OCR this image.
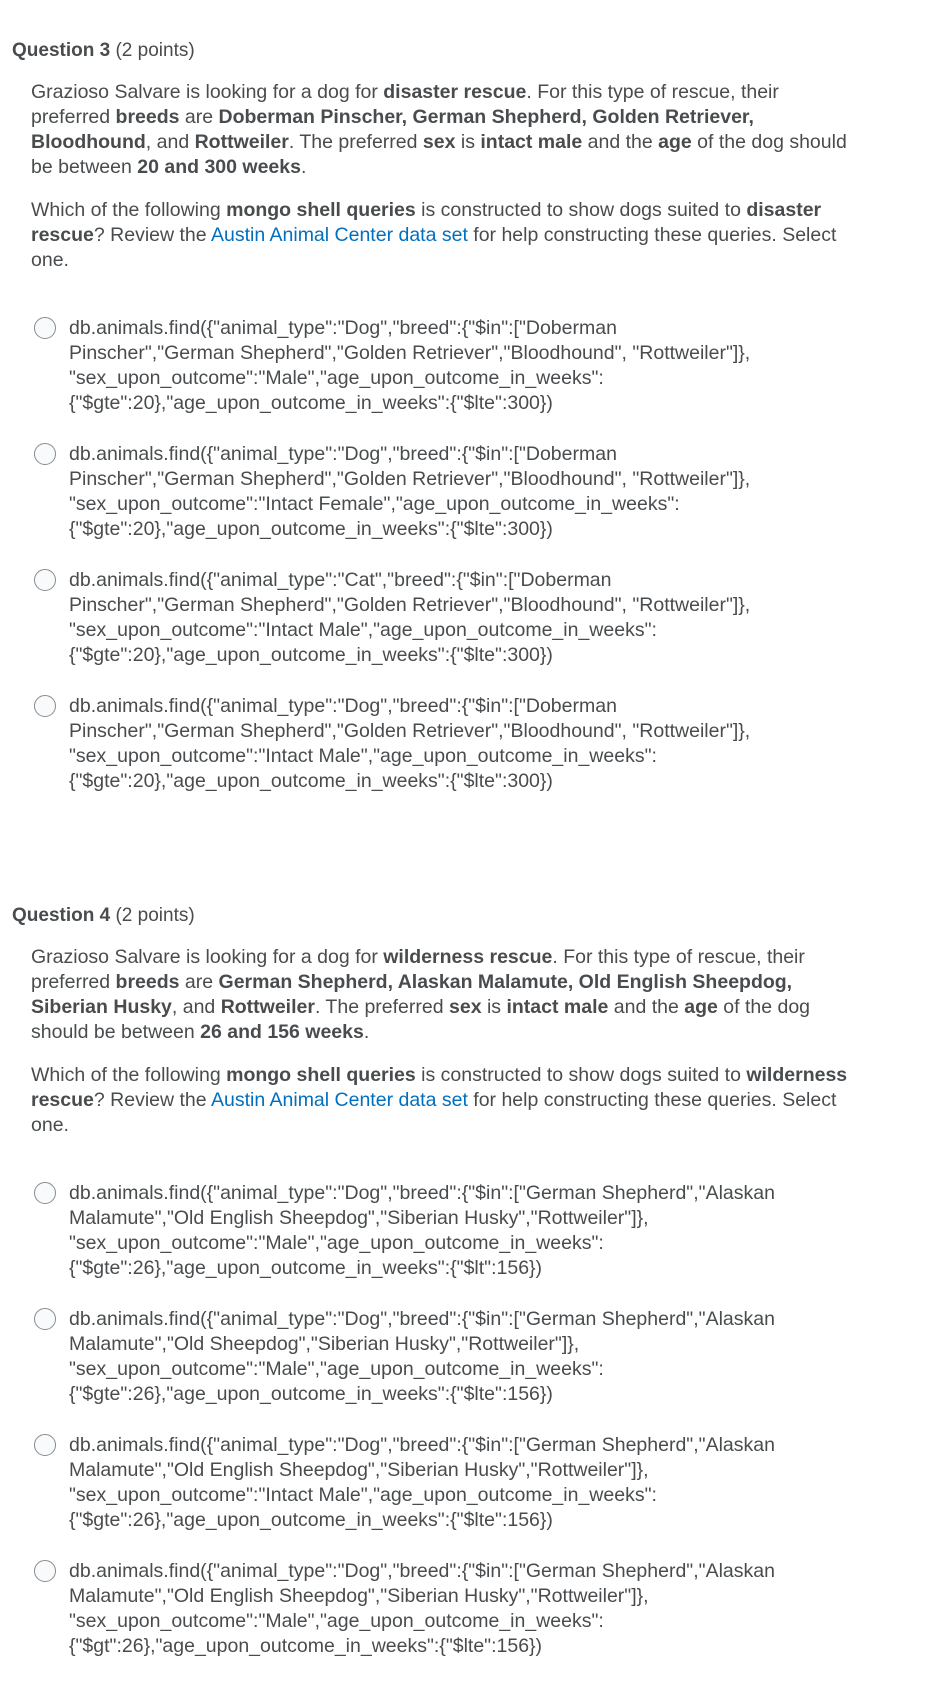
Question 3 (2 points)

Grazioso Salvare is looking for a dog for disaster rescue. For this type of rescue, their preferred breeds are Doberman Pinscher, German Shepherd, Golden Retriever, Bloodhound, and Rottweiler. The preferred sex is intact male and the age of the dog should be between 20 and 300 weeks.

Which of the following mongo shell queries is constructed to show dogs suited to disaster rescue? Review the Austin Animal Center data set for help constructing these queries. Select one.

db.animals.find({"animal_type":"Dog","breed":{"$in":["Doberman
Pinscher","German Shepherd","Golden Retriever","Bloodhound", "Rottweiler"]},
"sex_upon_outcome":"Male","age_upon_outcome_in_weeks":
{"$gte":20},"age_upon_outcome_in_weeks":{"$lte":300})
db.animals.find({"animal_type":"Dog","breed":{"$in":["Doberman
Pinscher","German Shepherd","Golden Retriever","Bloodhound", "Rottweiler"]},
"sex_upon_outcome":"Intact Female","age_upon_outcome_in_weeks":
{"$gte":20},"age_upon_outcome_in_weeks":{"$lte":300})
db.animals.find({"animal_type":"Cat","breed":{"$in":["Doberman
Pinscher","German Shepherd","Golden Retriever","Bloodhound", "Rottweiler"]},
"sex_upon_outcome":"Intact Male","age_upon_outcome_in_weeks":
{"$gte":20},"age_upon_outcome_in_weeks":{"$lte":300})
db.animals.find({"animal_type":"Dog","breed":{"$in":["Doberman
Pinscher","German Shepherd","Golden Retriever","Bloodhound", "Rottweiler"]},
"sex_upon_outcome":"Intact Male","age_upon_outcome_in_weeks":
{"$gte":20},"age_upon_outcome_in_weeks":{"$lte":300})
Question 4 (2 points)

Grazioso Salvare is looking for a dog for wilderness rescue. For this type of rescue, their preferred breeds are German Shepherd, Alaskan Malamute, Old English Sheepdog, Siberian Husky, and Rottweiler. The preferred sex is intact male and the age of the dog should be between 26 and 156 weeks.

Which of the following mongo shell queries is constructed to show dogs suited to wilderness rescue? Review the Austin Animal Center data set for help constructing these queries. Select one.

db.animals.find({"animal_type":"Dog","breed":{"$in":["German Shepherd","Alaskan
Malamute","Old English Sheepdog","Siberian Husky","Rottweiler"]},
"sex_upon_outcome":"Male","age_upon_outcome_in_weeks":
{"$gte":26},"age_upon_outcome_in_weeks":{"$lt":156})
db.animals.find({"animal_type":"Dog","breed":{"$in":["German Shepherd","Alaskan
Malamute","Old Sheepdog","Siberian Husky","Rottweiler"]},
"sex_upon_outcome":"Male","age_upon_outcome_in_weeks":
{"$gte":26},"age_upon_outcome_in_weeks":{"$lte":156})
db.animals.find({"animal_type":"Dog","breed":{"$in":["German Shepherd","Alaskan
Malamute","Old English Sheepdog","Siberian Husky","Rottweiler"]},
"sex_upon_outcome":"Intact Male","age_upon_outcome_in_weeks":
{"$gte":26},"age_upon_outcome_in_weeks":{"$lte":156})
db.animals.find({"animal_type":"Dog","breed":{"$in":["German Shepherd","Alaskan
Malamute","Old English Sheepdog","Siberian Husky","Rottweiler"]},
"sex_upon_outcome":"Male","age_upon_outcome_in_weeks":
{"$gt":26},"age_upon_outcome_in_weeks":{"$lte":156})
